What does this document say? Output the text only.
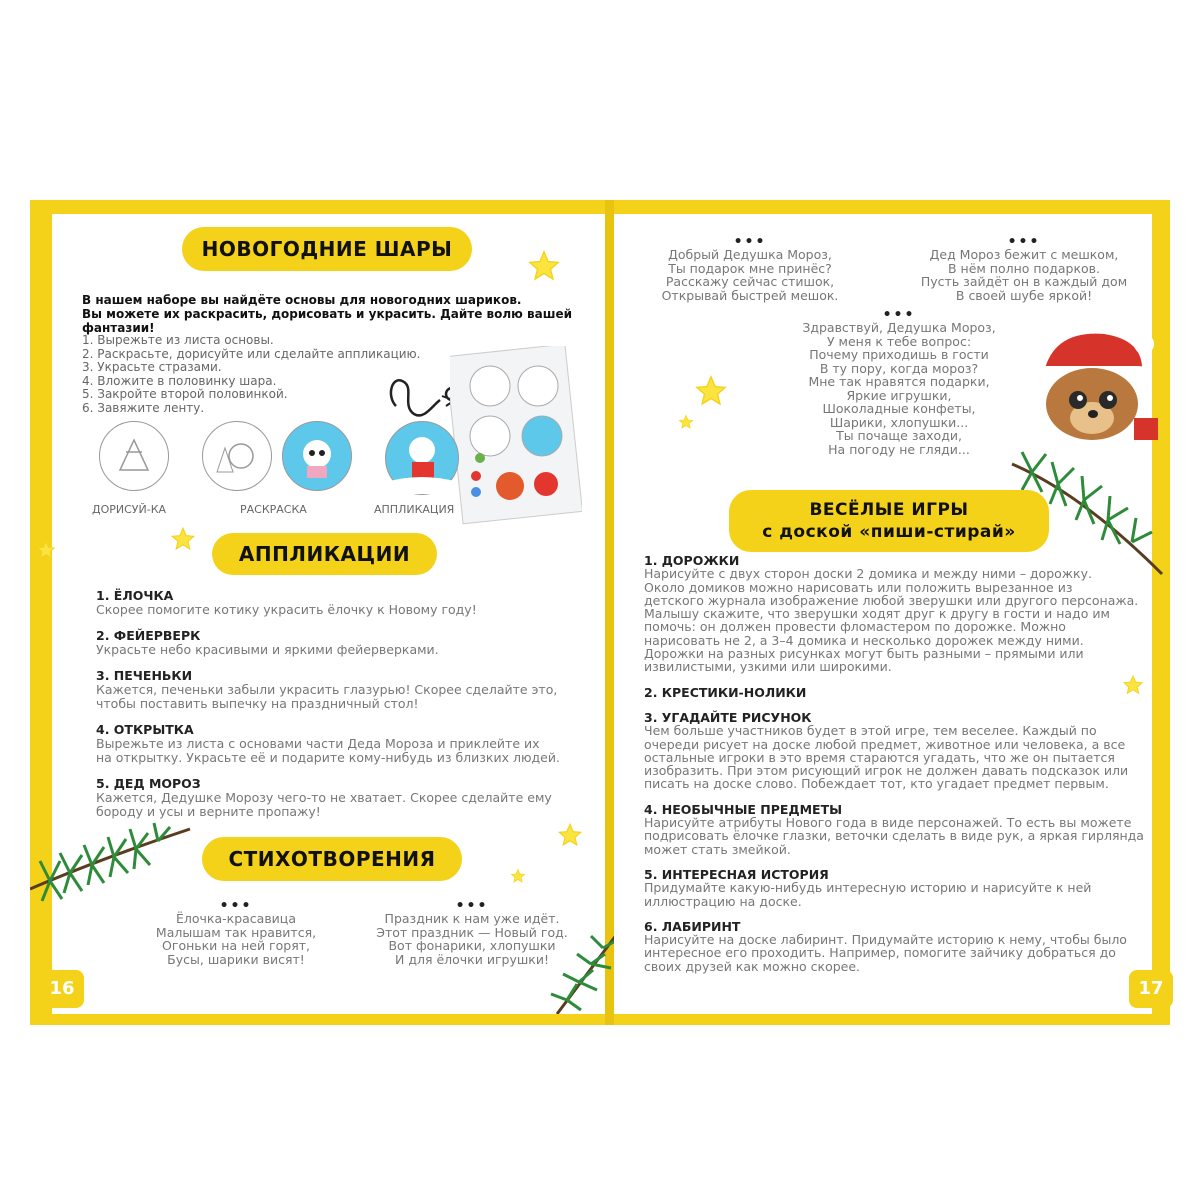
НОВОГОДНИЕ ШАРЫ
В нашем наборе вы найдёте основы для новогодних шариков.
Вы можете их раскрасить, дорисовать и украсить. Дайте волю вашей фантазии!
1. Вырежьте из листа основы.
2. Раскрасьте, дорисуйте или сделайте аппликацию.
3. Украсьте стразами.
4. Вложите в половинку шара.
5. Закройте второй половинкой.
6. Завяжите ленту.
ДОРИСУЙ-КА	РАСКРАСКА	АППЛИКАЦИЯ
АППЛИКАЦИИ
1. ЁЛОЧКА
Скорее помогите котику украсить ёлочку к Новому году!
2. ФЕЙЕРВЕРК
Украсьте небо красивыми и яркими фейерверками.
3. ПЕЧЕНЬКИ
Кажется, печеньки забыли украсить глазурью! Скорее сделайте это,
чтобы поставить выпечку на праздничный стол!
4. ОТКРЫТКА
Вырежьте из листа с основами части Деда Мороза и приклейте их
на открытку. Украсьте её и подарите кому-нибудь из близких людей.
5. ДЕД МОРОЗ
Кажется, Дедушке Морозу чего-то не хватает. Скорее сделайте ему
бороду и усы и верните пропажу!
СТИХОТВОРЕНИЯ
•••
Ёлочка-красавица
Малышам так нравится,
Огоньки на ней горят,
Бусы, шарики висят!
•••
Праздник к нам уже идёт.
Этот праздник — Новый год.
Вот фонарики, хлопушки
И для ёлочки игрушки!
16
•••
Добрый Дедушка Мороз,
Ты подарок мне принёс?
Расскажу сейчас стишок,
Открывай быстрей мешок.
•••
Дед Мороз бежит с мешком,
В нём полно подарков.
Пусть зайдёт он в каждый дом
В своей шубе яркой!
•••
Здравствуй, Дедушка Мороз,
У меня к тебе вопрос:
Почему приходишь в гости
В ту пору, когда мороз?
Мне так нравятся подарки,
Яркие игрушки,
Шоколадные конфеты,
Шарики, хлопушки...
Ты почаще заходи,
На погоду не гляди...
ВЕСЁЛЫЕ ИГРЫ
с доской «пиши-стирай»
1. ДОРОЖКИ
Нарисуйте с двух сторон доски 2 домика и между ними – дорожку.
Около домиков можно нарисовать или положить вырезанное из
детского журнала изображение любой зверушки или другого персонажа.
Малышу скажите, что зверушки ходят друг к другу в гости и надо им
помочь: он должен провести фломастером по дорожке. Можно
нарисовать не 2, а 3–4 домика и несколько дорожек между ними.
Дорожки на разных рисунках могут быть разными – прямыми или
извилистыми, узкими или широкими.
2. КРЕСТИКИ-НОЛИКИ
3. УГАДАЙТЕ РИСУНОК
Чем больше участников будет в этой игре, тем веселее. Каждый по
очереди рисует на доске любой предмет, животное или человека, а все
остальные игроки в это время стараются угадать, что же он пытается
изобразить. При этом рисующий игрок не должен давать подсказок или
писать на доске слово. Побеждает тот, кто угадает предмет первым.
4. НЕОБЫЧНЫЕ ПРЕДМЕТЫ
Нарисуйте атрибуты Нового года в виде персонажей. То есть вы можете
подрисовать ёлочке глазки, веточки сделать в виде рук, а яркая гирлянда
может стать змейкой.
5. ИНТЕРЕСНАЯ ИСТОРИЯ
Придумайте какую-нибудь интересную историю и нарисуйте к ней
иллюстрацию на доске.
6. ЛАБИРИНТ
Нарисуйте на доске лабиринт. Придумайте историю к нему, чтобы было
интересное его проходить. Например, помогите зайчику добраться до
своих друзей как можно скорее.
17
